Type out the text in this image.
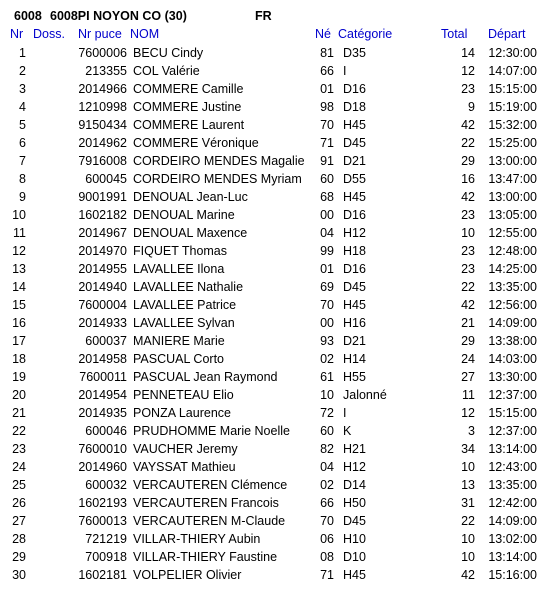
6008 6008PI NOYON CO (30)	FR
Nr Doss. Nr puce NOM	Né Catégorie	Total Départ
1	7600006 BECU Cindy	81 D35	14	12:30:00
2	213355 COL Valérie	66 I	12	14:07:00
3	2014966 COMMERE Camille	01 D16	23	15:15:00
4	1210998 COMMERE Justine	98 D18	9	15:19:00
5	9150434 COMMERE Laurent	70 H45	42	15:32:00
6	2014962 COMMERE Véronique	71 D45	22	15:25:00
7	7916008 CORDEIRO MENDES Magalie	91 D21	29	13:00:00
8	600045 CORDEIRO MENDES Myriam	60 D55	16	13:47:00
9	9001991 DENOUAL Jean-Luc	68 H45	42	13:00:00
10	1602182 DENOUAL Marine	00 D16	23	13:05:00
11	2014967 DENOUAL Maxence	04 H12	10	12:55:00
12	2014970 FIQUET Thomas	99 H18	23	12:48:00
13	2014955 LAVALLEE Ilona	01 D16	23	14:25:00
14	2014940 LAVALLEE Nathalie	69 D45	22	13:35:00
15	7600004 LAVALLEE Patrice	70 H45	42	12:56:00
16	2014933 LAVALLEE Sylvan	00 H16	21	14:09:00
17	600037 MANIERE Marie	93 D21	29	13:38:00
18	2014958 PASCUAL Corto	02 H14	24	14:03:00
19	7600011 PASCUAL Jean Raymond	61 H55	27	13:30:00
20	2014954 PENNETEAU Elio	10 Jalonné	11	12:37:00
21	2014935 PONZA Laurence	72 I	12	15:15:00
22	600046 PRUDHOMME Marie Noelle	60 K	3	12:37:00
23	7600010 VAUCHER Jeremy	82 H21	34	13:14:00
24	2014960 VAYSSAT Mathieu	04 H12	10	12:43:00
25	600032 VERCAUTEREN Clémence	02 D14	13	13:35:00
26	1602193 VERCAUTEREN Francois	66 H50	31	12:42:00
27	7600013 VERCAUTEREN M-Claude	70 D45	22	14:09:00
28	721219 VILLAR-THIERY Aubin	06 H10	10	13:02:00
29	700918 VILLAR-THIERY Faustine	08 D10	10	13:14:00
30	1602181 VOLPELIER Olivier	71 H45	42	15:16:00
